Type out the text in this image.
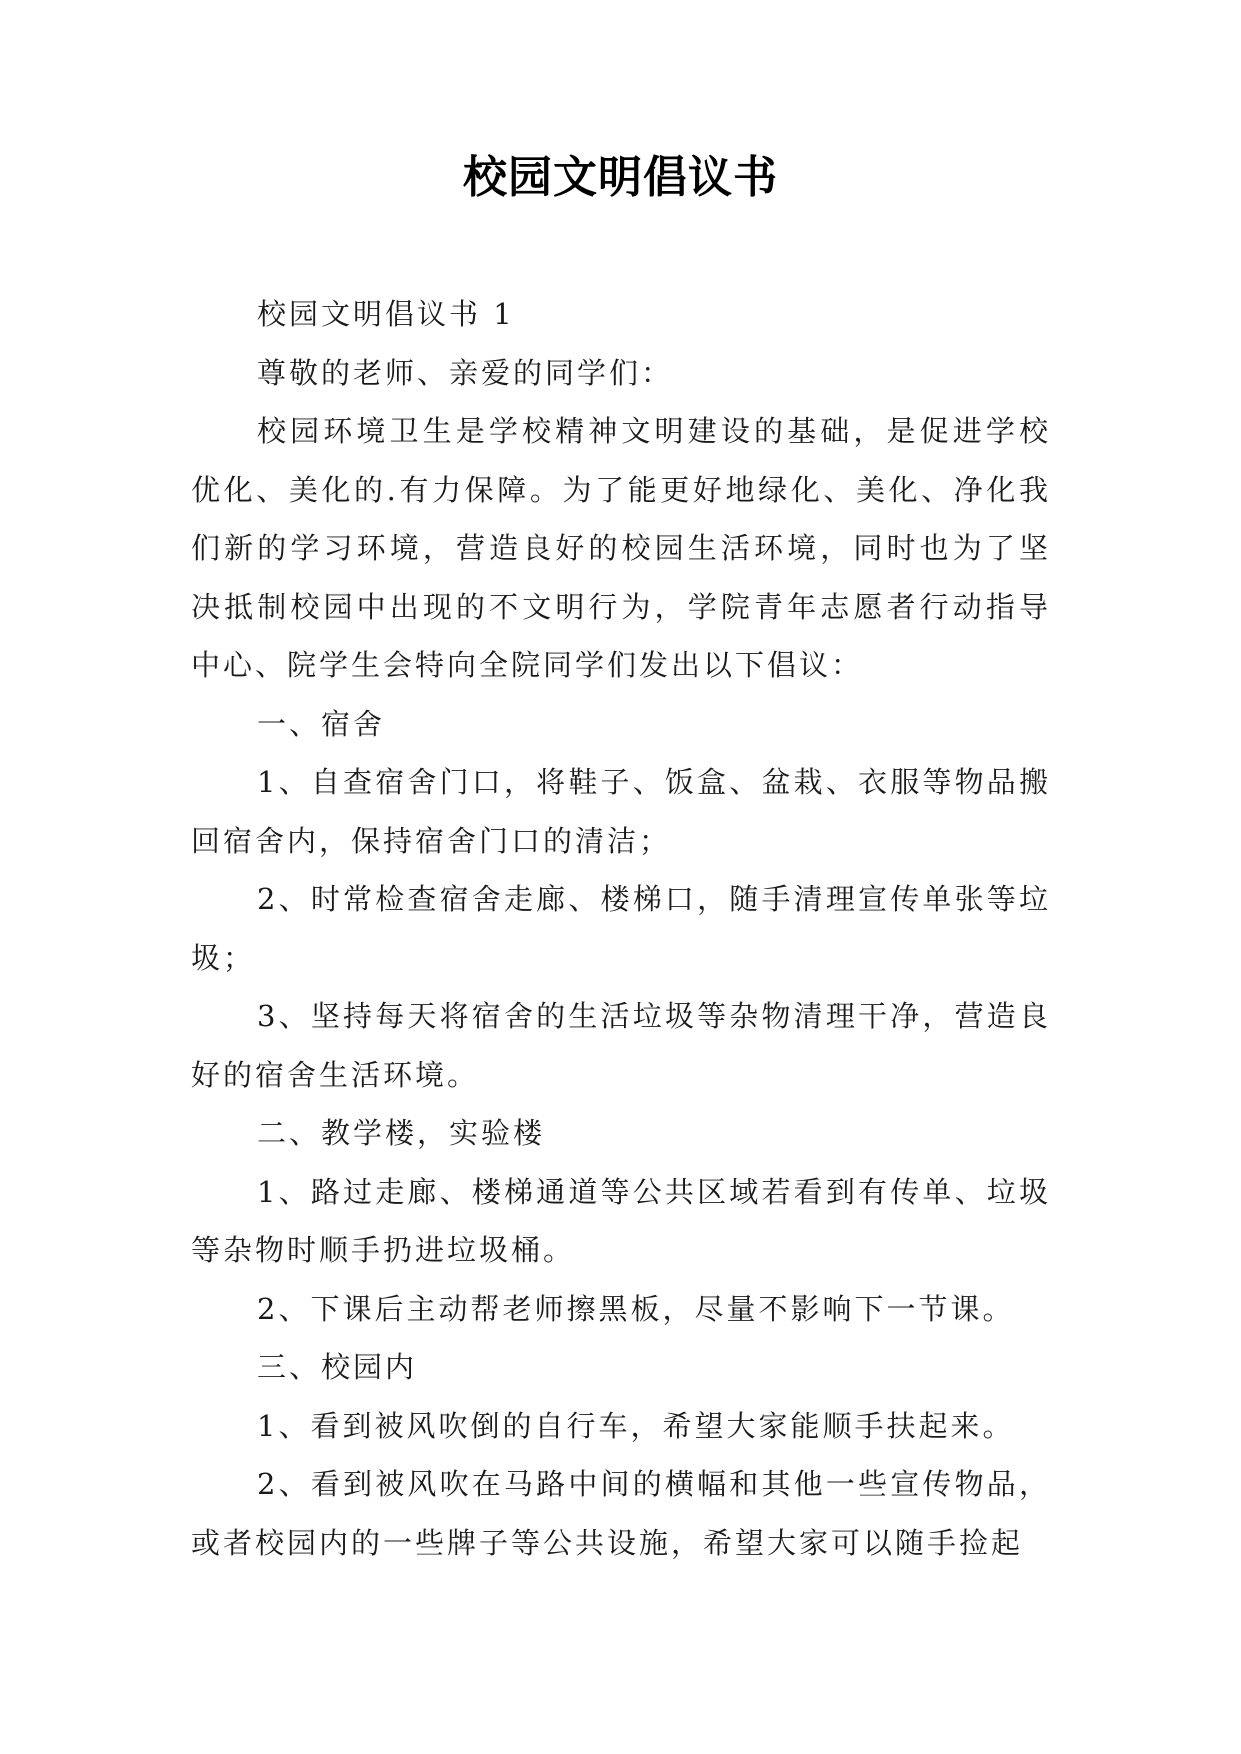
校园文明倡议书

校园文明倡议书 1

尊敬的老师、亲爱的同学们：

校园环境卫生是学校精神文明建设的基础，是促进学校优化、美化的.有力保障。为了能更好地绿化、美化、净化我们新的学习环境，营造良好的校园生活环境，同时也为了坚决抵制校园中出现的不文明行为，学院青年志愿者行动指导中心、院学生会特向全院同学们发出以下倡议：

一、宿舍

1、自查宿舍门口，将鞋子、饭盒、盆栽、衣服等物品搬回宿舍内，保持宿舍门口的清洁；

2、时常检查宿舍走廊、楼梯口，随手清理宣传单张等垃圾；

3、坚持每天将宿舍的生活垃圾等杂物清理干净，营造良好的宿舍生活环境。

二、教学楼，实验楼

1、路过走廊、楼梯通道等公共区域若看到有传单、垃圾等杂物时顺手扔进垃圾桶。

2、下课后主动帮老师擦黑板，尽量不影响下一节课。

三、校园内

1、看到被风吹倒的自行车，希望大家能顺手扶起来。

2、看到被风吹在马路中间的横幅和其他一些宣传物品，或者校园内的一些牌子等公共设施，希望大家可以随手捡起
